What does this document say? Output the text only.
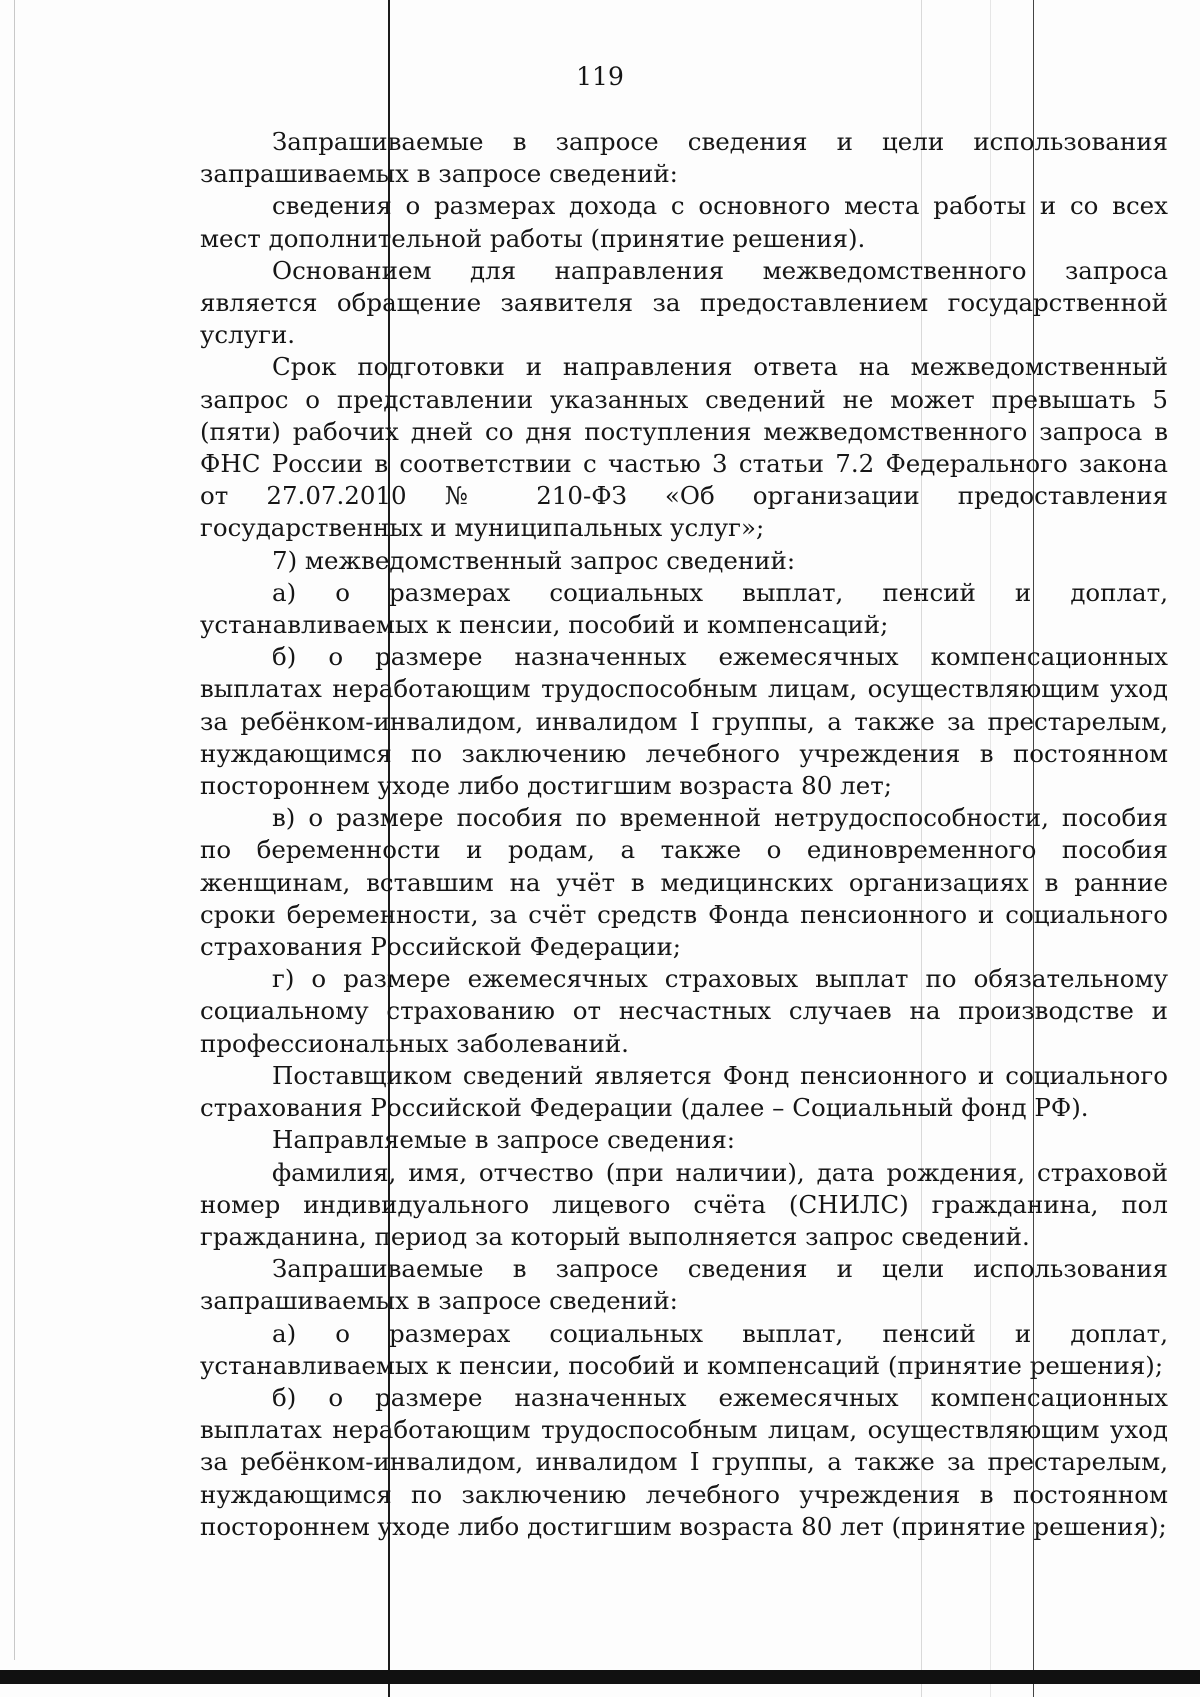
119

Запрашиваемые в запросе сведения и цели использования запрашиваемых в запросе сведений:

сведения о размерах дохода с основного места работы и со всех мест дополнительной работы (принятие решения).

Основанием для направления межведомственного запроса является обращение заявителя за предоставлением государственной услуги.

Срок подготовки и направления ответа на межведомственный запрос о представлении указанных сведений не может превышать 5 (пяти) рабочих дней со дня поступления межведомственного запроса в ФНС России в соответствии с частью 3 статьи 7.2 Федерального закона от 27.07.2010 № 210-ФЗ «Об организации предоставления государственных и муниципальных услуг»;

7) межведомственный запрос сведений:

а) о размерах социальных выплат, пенсий и доплат, устанавливаемых к пенсии, пособий и компенсаций;

б) о размере назначенных ежемесячных компенсационных выплатах неработающим трудоспособным лицам, осуществляющим уход за ребёнком-инвалидом, инвалидом I группы, а также за престарелым, нуждающимся по заключению лечебного учреждения в постоянном постороннем уходе либо достигшим возраста 80 лет;

в) о размере пособия по временной нетрудоспособности, пособия по беременности и родам, а также о единовременного пособия женщинам, вставшим на учёт в медицинских организациях в ранние сроки беременности, за счёт средств Фонда пенсионного и социального страхования Российской Федерации;

г) о размере ежемесячных страховых выплат по обязательному социальному страхованию от несчастных случаев на производстве и профессиональных заболеваний.

Поставщиком сведений является Фонд пенсионного и социального страхования Российской Федерации (далее – Социальный фонд РФ).

Направляемые в запросе сведения:

фамилия, имя, отчество (при наличии), дата рождения, страховой номер индивидуального лицевого счёта (СНИЛС) гражданина, пол гражданина, период за который выполняется запрос сведений.

Запрашиваемые в запросе сведения и цели использования запрашиваемых в запросе сведений:

а) о размерах социальных выплат, пенсий и доплат, устанавливаемых к пенсии, пособий и компенсаций (принятие решения);

б) о размере назначенных ежемесячных компенсационных выплатах неработающим трудоспособным лицам, осуществляющим уход за ребёнком-инвалидом, инвалидом I группы, а также за престарелым, нуждающимся по заключению лечебного учреждения в постоянном постороннем уходе либо достигшим возраста 80 лет (принятие решения);
